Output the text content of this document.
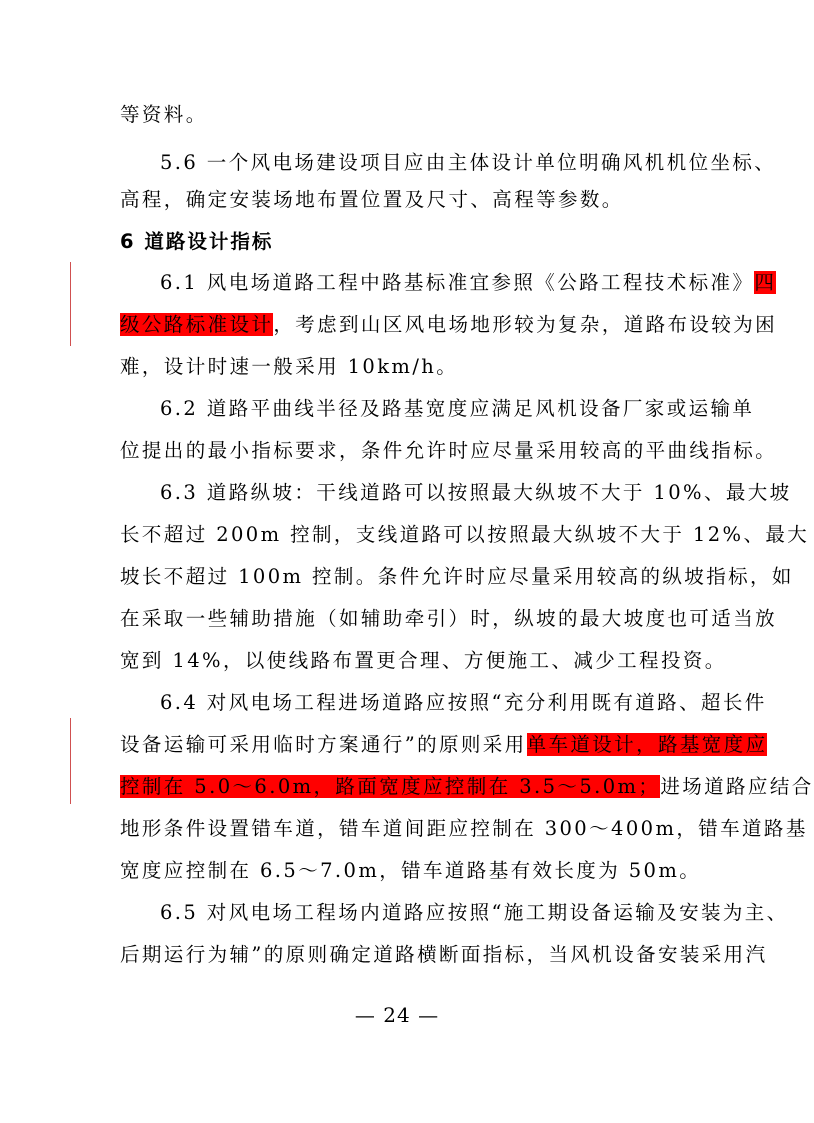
等资料。
5.6 一个风电场建设项目应由主体设计单位明确风机机位坐标、
高程，确定安装场地布置位置及尺寸、高程等参数。
6 道路设计指标
6.1 风电场道路工程中路基标准宜参照《公路工程技术标准》四
级公路标准设计，考虑到山区风电场地形较为复杂，道路布设较为困
难，设计时速一般采用 10km/h。
6.2 道路平曲线半径及路基宽度应满足风机设备厂家或运输单
位提出的最小指标要求，条件允许时应尽量采用较高的平曲线指标。
6.3 道路纵坡：干线道路可以按照最大纵坡不大于 10%、最大坡
长不超过 200m 控制，支线道路可以按照最大纵坡不大于 12%、最大
坡长不超过 100m 控制。条件允许时应尽量采用较高的纵坡指标，如
在采取一些辅助措施（如辅助牵引）时，纵坡的最大坡度也可适当放
宽到 14%，以使线路布置更合理、方便施工、减少工程投资。
6.4 对风电场工程进场道路应按照“充分利用既有道路、超长件
设备运输可采用临时方案通行”的原则采用单车道设计，路基宽度应
控制在 5.0～6.0m，路面宽度应控制在 3.5～5.0m；进场道路应结合
地形条件设置错车道，错车道间距应控制在 300～400m，错车道路基
宽度应控制在 6.5～7.0m，错车道路基有效长度为 50m。
6.5 对风电场工程场内道路应按照“施工期设备运输及安装为主、
后期运行为辅”的原则确定道路横断面指标，当风机设备安装采用汽
— 24 —
